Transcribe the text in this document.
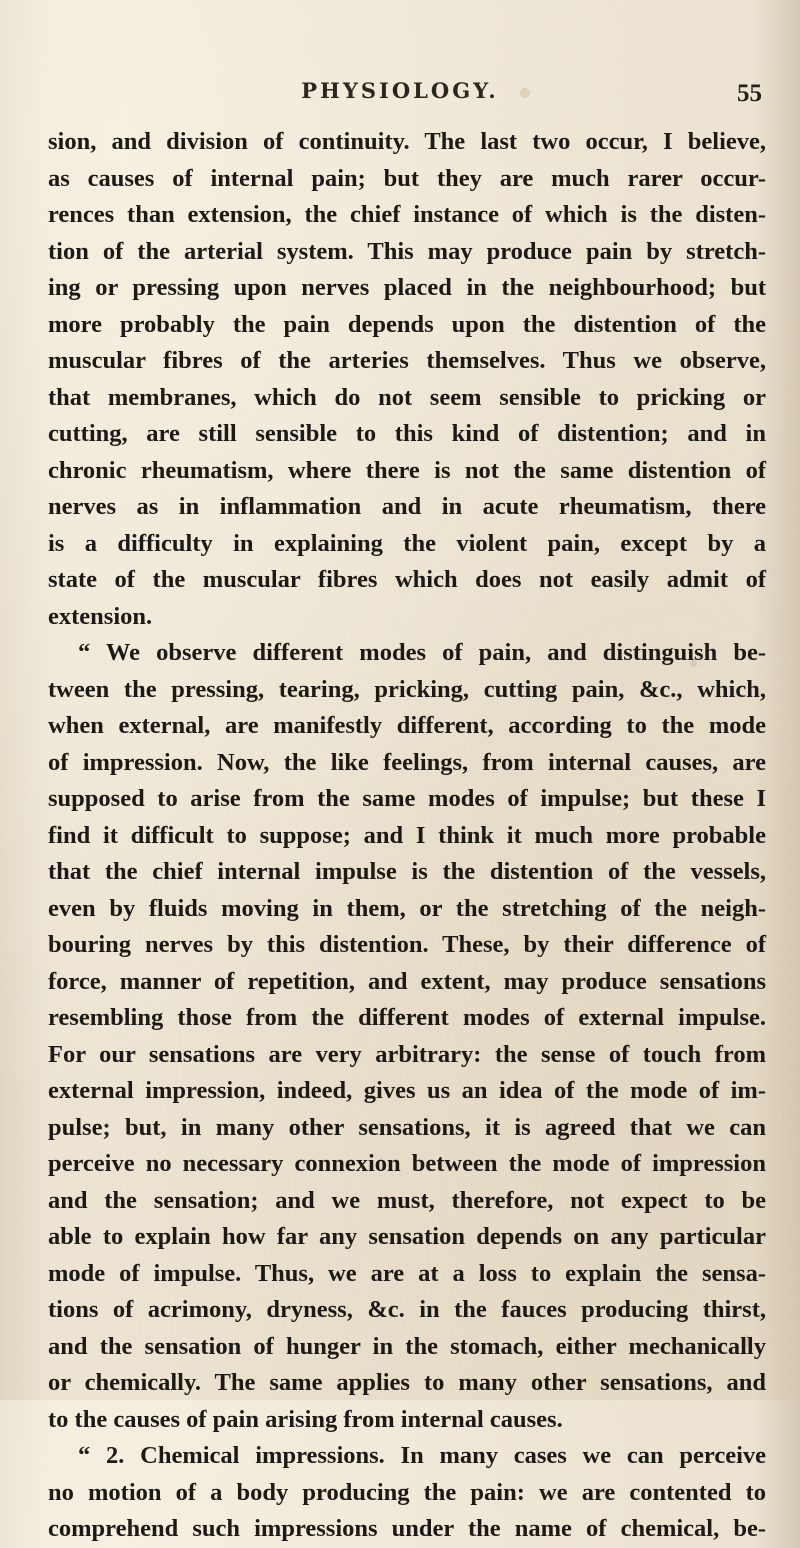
PHYSIOLOGY.	55
sion, and division of continuity. The last two occur, I believe,
as causes of internal pain; but they are much rarer occur-
rences than extension, the chief instance of which is the disten-
tion of the arterial system. This may produce pain by stretch-
ing or pressing upon nerves placed in the neighbourhood; but
more probably the pain depends upon the distention of the
muscular fibres of the arteries themselves. Thus we observe,
that membranes, which do not seem sensible to pricking or
cutting, are still sensible to this kind of distention; and in
chronic rheumatism, where there is not the same distention of
nerves as in inflammation and in acute rheumatism, there
is a difficulty in explaining the violent pain, except by a
state of the muscular fibres which does not easily admit of
extension.
“ We observe different modes of pain, and distinguish be-
tween the pressing, tearing, pricking, cutting pain, &c., which,
when external, are manifestly different, according to the mode
of impression. Now, the like feelings, from internal causes, are
supposed to arise from the same modes of impulse; but these I
find it difficult to suppose; and I think it much more probable
that the chief internal impulse is the distention of the vessels,
even by fluids moving in them, or the stretching of the neigh-
bouring nerves by this distention. These, by their difference of
force, manner of repetition, and extent, may produce sensations
resembling those from the different modes of external impulse.
For our sensations are very arbitrary: the sense of touch from
external impression, indeed, gives us an idea of the mode of im-
pulse; but, in many other sensations, it is agreed that we can
perceive no necessary connexion between the mode of impression
and the sensation; and we must, therefore, not expect to be
able to explain how far any sensation depends on any particular
mode of impulse. Thus, we are at a loss to explain the sensa-
tions of acrimony, dryness, &c. in the fauces producing thirst,
and the sensation of hunger in the stomach, either mechanically
or chemically. The same applies to many other sensations, and
to the causes of pain arising from internal causes.
“ 2. Chemical impressions. In many cases we can perceive
no motion of a body producing the pain: we are contented to
comprehend such impressions under the name of chemical, be-
